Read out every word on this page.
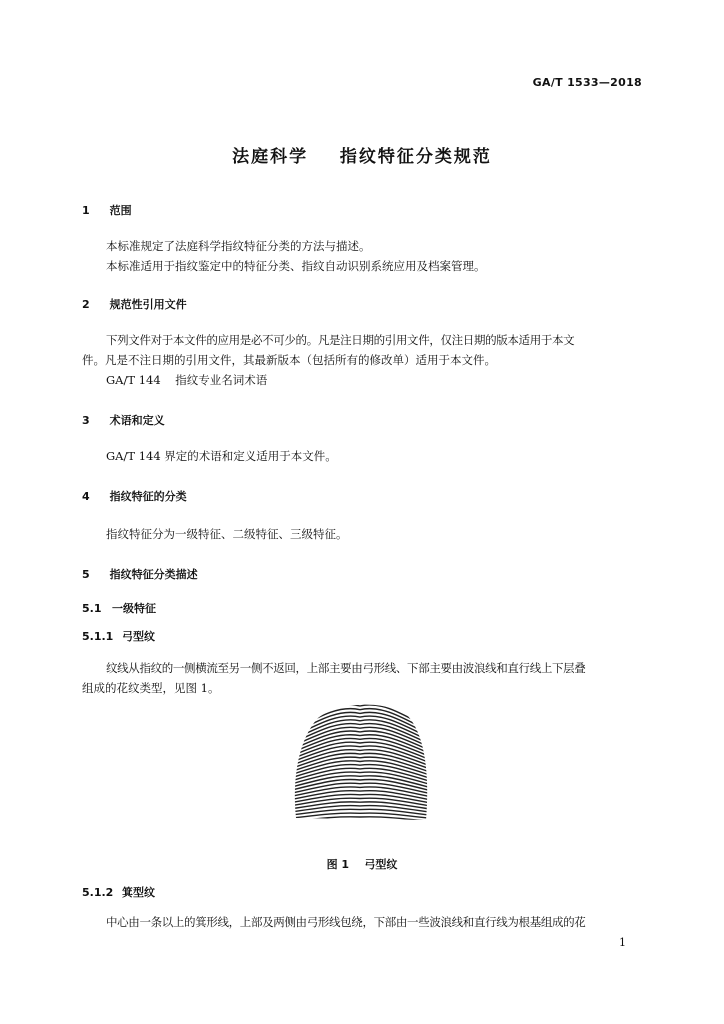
GA/T 1533—2018
法庭科学    指纹特征分类规范
1 范围
本标准规定了法庭科学指纹特征分类的方法与描述。
本标准适用于指纹鉴定中的特征分类、指纹自动识别系统应用及档案管理。
2 规范性引用文件
下列文件对于本文件的应用是必不可少的。凡是注日期的引用文件，仅注日期的版本适用于本文
件。凡是不注日期的引用文件，其最新版本（包括所有的修改单）适用于本文件。
GA/T 144    指纹专业名词术语
3 术语和定义
GA/T 144 界定的术语和定义适用于本文件。
4 指纹特征的分类
指纹特征分为一级特征、二级特征、三级特征。
5 指纹特征分类描述
5.1 一级特征
5.1.1 弓型纹
纹线从指纹的一侧横流至另一侧不返回，上部主要由弓形线、下部主要由波浪线和直行线上下层叠
组成的花纹类型，见图 1。
图 1    弓型纹
5.1.2 箕型纹
中心由一条以上的箕形线，上部及两侧由弓形线包绕，下部由一些波浪线和直行线为根基组成的花
1
